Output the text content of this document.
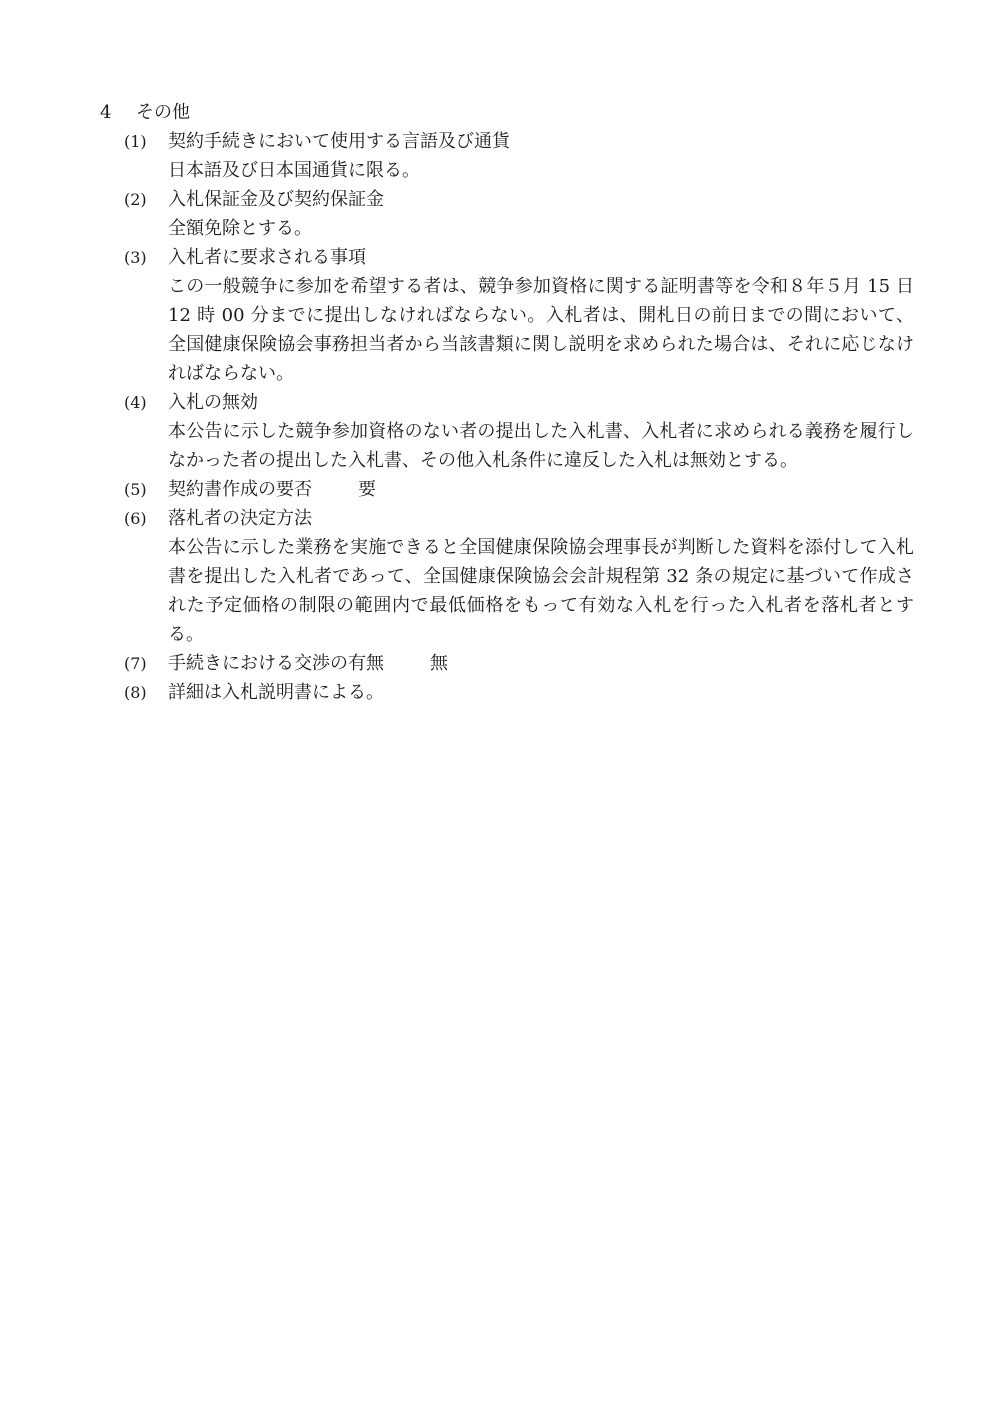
4 その他
(1)	契約手続きにおいて使用する言語及び通貨
日本語及び日本国通貨に限る。
(2)	入札保証金及び契約保証金
全額免除とする。
(3)	入札者に要求される事項
この一般競争に参加を希望する者は、競争参加資格に関する証明書等を令和８年５月 15 日 12 時 00 分までに提出しなければならない。入札者は、開札日の前日までの間において、全国健康保険協会事務担当者から当該書類に関し説明を求められた場合は、それに応じなければならない。
(4)	入札の無効
本公告に示した競争参加資格のない者の提出した入札書、入札者に求められる義務を履行しなかった者の提出した入札書、その他入札条件に違反した入札は無効とする。
(5)	契約書作成の要否	要
(6)	落札者の決定方法
本公告に示した業務を実施できると全国健康保険協会理事長が判断した資料を添付して入札書を提出した入札者であって、全国健康保険協会会計規程第 32 条の規定に基づいて作成された予定価格の制限の範囲内で最低価格をもって有効な入札を行った入札者を落札者とする。
(7)	手続きにおける交渉の有無	無
(8)	詳細は入札説明書による。
